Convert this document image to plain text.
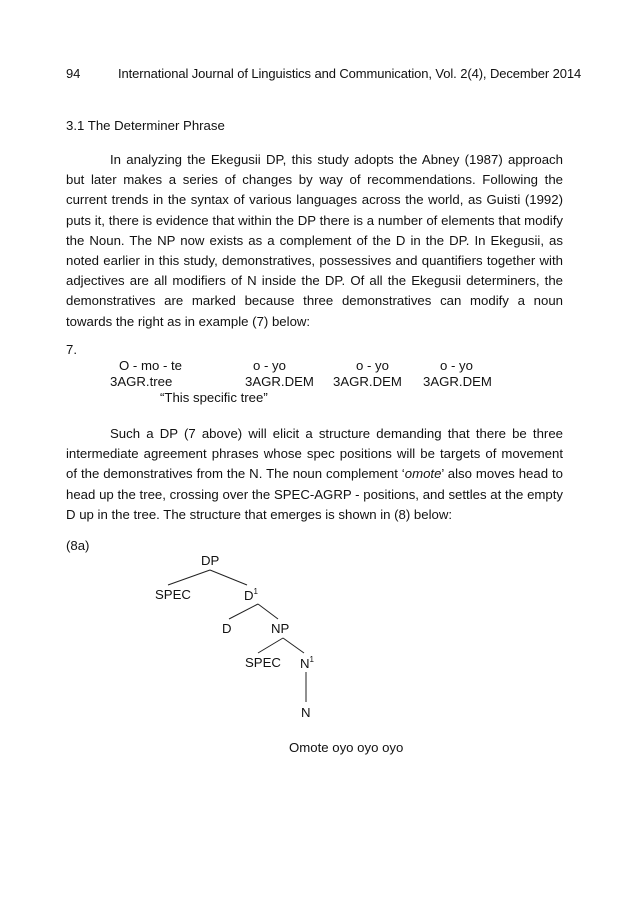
94	International Journal of Linguistics and Communication, Vol. 2(4), December 2014
3.1 The Determiner Phrase

In analyzing the Ekegusii DP, this study adopts the Abney (1987) approach but later makes a series of changes by way of recommendations. Following the current trends in the syntax of various languages across the world, as Guisti (1992) puts it, there is evidence that within the DP there is a number of elements that modify the Noun. The NP now exists as a complement of the D in the DP. In Ekegusii, as noted earlier in this study, demonstratives, possessives and quantifiers together with adjectives are all modifiers of N inside the DP. Of all the Ekegusii determiners, the demonstratives are marked because three demonstratives can modify a noun towards the right as in example (7) below:

7.
O - mo - te	o - yo	o - yo	o - yo
3AGR.tree	3AGR.DEM 3AGR.DEM 3AGR.DEM
“This specific tree”

Such a DP (7 above) will elicit a structure demanding that there be three intermediate agreement phrases whose spec positions will be targets of movement of the demonstratives from the N. The noun complement ‘omote’ also moves head to head up the tree, crossing over the SPEC-AGRP - positions, and settles at the empty D up in the tree. The structure that emerges is shown in (8) below:

(8a)
DP
SPEC	$D^1$
D	NP
SPEC $N^1$
N
Omote oyo oyo oyo
